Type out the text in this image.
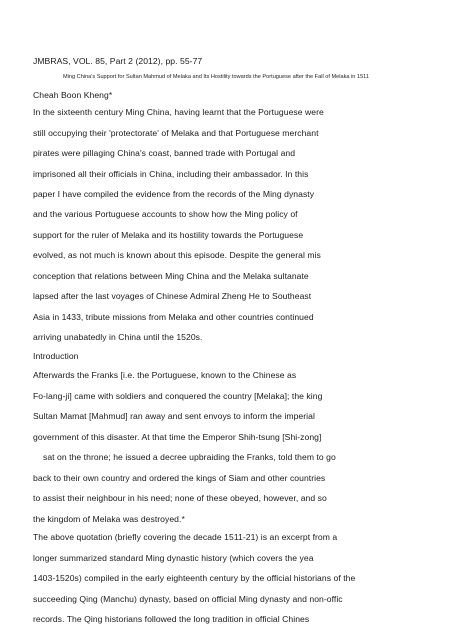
JMBRAS, VOL. 85, Part 2 (2012), pp. 55-77
Ming China's Support for Sultan Mahmud of Melaka and Its Hostility towards the Portuguese after the Fall of Melaka in 1511
Cheah Boon Kheng*
In the sixteenth century Ming China, having learnt that the Portuguese were
still occupying their 'protectorate' of Melaka and that Portuguese merchant
pirates were pillaging China's coast, banned trade with Portugal and
imprisoned all their officials in China, including their ambassador. In this
paper I have compiled the evidence from the records of the Ming dynasty
and the various Portuguese accounts to show how the Ming policy of
support for the ruler of Melaka and its hostility towards the Portuguese
evolved, as not much is known about this episode. Despite the general mis
conception that relations between Ming China and the Melaka sultanate
lapsed after the last voyages of Chinese Admiral Zheng He to Southeast
Asia in 1433, tribute missions from Melaka and other countries continued
arriving unabatedly in China until the 1520s.
Introduction
Afterwards the Franks [i.e. the Portuguese, known to the Chinese as
Fo-lang-ji] came with soldiers and conquered the country [Melaka]; the king
Sultan Mamat [Mahmud] ran away and sent envoys to inform the imperial
government of this disaster. At that time the Emperor Shih-tsung [Shi-zong]
sat on the throne; he issued a decree upbraiding the Franks, told them to go
back to their own country and ordered the kings of Siam and other countries
to assist their neighbour in his need; none of these obeyed, however, and so
the kingdom of Melaka was destroyed.*
The above quotation (briefly covering the decade 1511-21) is an excerpt from a
longer summarized standard Ming dynastic history (which covers the yea
1403-1520s) compiled in the early eighteenth century by the official historians of the
succeeding Qing (Manchu) dynasty, based on official Ming dynasty and non-offic
records. The Qing historians followed the long tradition in official Chines
